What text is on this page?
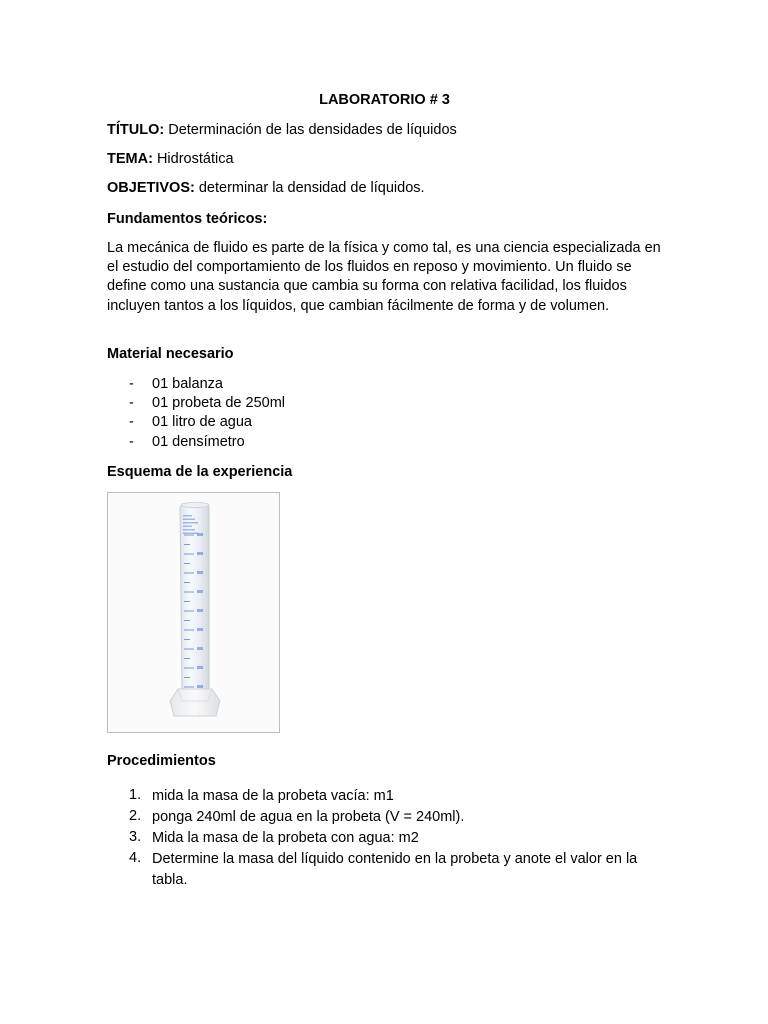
LABORATORIO # 3
TÍTULO: Determinación de las densidades de líquidos
TEMA: Hidrostática
OBJETIVOS: determinar la densidad de líquidos.
Fundamentos teóricos:
La mecánica de fluido es parte de la física y como tal, es una ciencia especializada en el estudio del comportamiento de los fluidos en reposo y movimiento. Un fluido se define como una sustancia que cambia su forma con relativa facilidad, los fluidos incluyen tantos a los líquidos, que cambian fácilmente de forma y de volumen.
Material necesario
- 01 balanza
- 01 probeta de 250ml
- 01 litro de agua
- 01 densímetro
Esquema de la experiencia
Procedimientos
1. mida la masa de la probeta vacía: m1
2. ponga 240ml de agua en la probeta (V = 240ml).
3. Mida la masa de la probeta con agua: m2
4. Determine la masa del líquido contenido en la probeta y anote el valor en la tabla.
